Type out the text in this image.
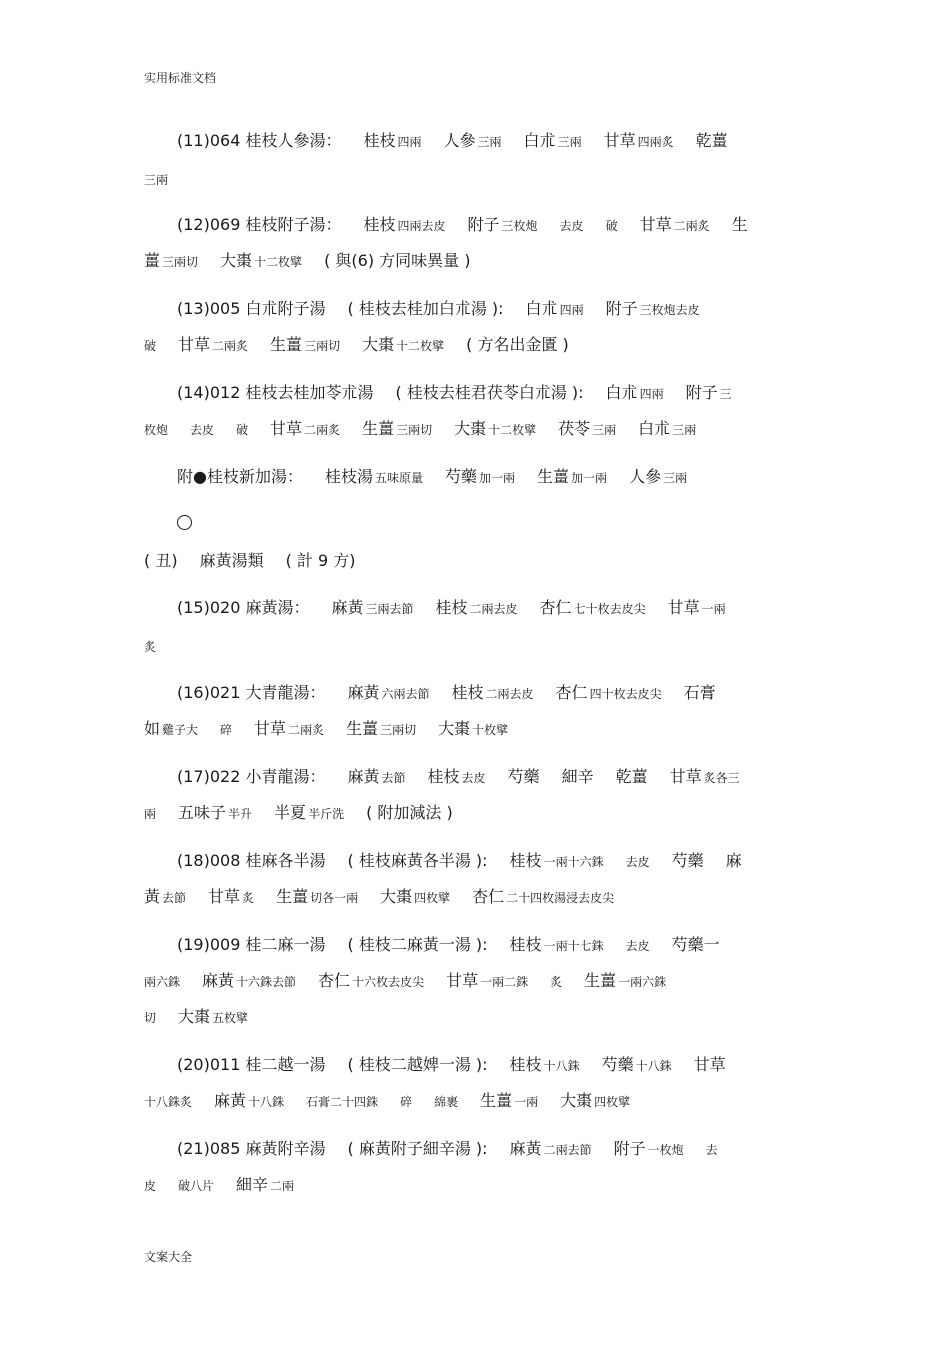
实用标准文档
(11)064 桂枝人參湯： 桂枝 四兩 人參 三兩 白朮 三兩 甘草 四兩炙 乾薑
三兩
(12)069 桂枝附子湯： 桂枝 四兩去皮 附子 三枚炮 去皮 破 甘草 二兩炙 生
薑 三兩切 大棗 十二枚擘 ( 與(6) 方同味異量 )
(13)005 白朮附子湯 ( 桂枝去桂加白朮湯 ): 白朮 四兩 附子 三枚炮去皮
破 甘草 二兩炙 生薑 三兩切 大棗 十二枚擘 ( 方名出金匱 )
(14)012 桂枝去桂加苓朮湯 ( 桂枝去桂君茯苓白朮湯 ): 白朮 四兩 附子 三
枚炮 去皮 破 甘草 二兩炙 生薑 三兩切 大棗 十二枚擘 茯苓 三兩 白朮 三兩
附●桂枝新加湯： 桂枝湯 五味原量 芍藥 加一兩 生薑 加一兩 人參 三兩
( 丑) 麻黃湯類 ( 計 9 方)
(15)020 麻黃湯： 麻黃 三兩去節 桂枝 二兩去皮 杏仁 七十枚去皮尖 甘草 一兩
炙
(16)021 大青龍湯： 麻黃 六兩去節 桂枝 二兩去皮 杏仁 四十枚去皮尖 石膏
如 雞子大 碎 甘草 二兩炙 生薑 三兩切 大棗 十枚擘
(17)022 小青龍湯： 麻黃 去節 桂枝 去皮 芍藥 細辛 乾薑 甘草 炙各三
兩 五味子 半升 半夏 半斤洗 ( 附加減法 )
(18)008 桂麻各半湯 ( 桂枝麻黃各半湯 ): 桂枝 一兩十六銖 去皮 芍藥 麻
黃 去節 甘草 炙 生薑 切各一兩 大棗 四枚擘 杏仁 二十四枚湯浸去皮尖
(19)009 桂二麻一湯 ( 桂枝二麻黃一湯 ): 桂枝 一兩十七銖 去皮 芍藥一
兩六銖 麻黃 十六銖去節 杏仁 十六枚去皮尖 甘草 一兩二銖 炙 生薑 一兩六銖
切 大棗 五枚擘
(20)011 桂二越一湯 ( 桂枝二越婢一湯 ): 桂枝 十八銖 芍藥 十八銖 甘草
十八銖炙 麻黃 十八銖 石膏二十四銖 碎 綿裹 生薑 一兩 大棗 四枚擘
(21)085 麻黃附辛湯 ( 麻黃附子細辛湯 ): 麻黃 二兩去節 附子 一枚炮 去
皮 破八片 細辛 二兩
文案大全
